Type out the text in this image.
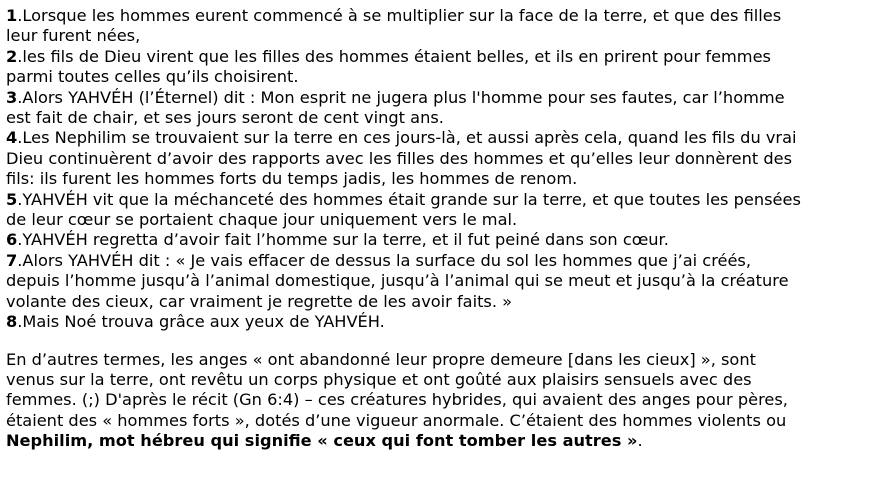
1.Lorsque les hommes eurent commencé à se multiplier sur la face de la terre, et que des filles leur furent nées,

2.les fils de Dieu virent que les filles des hommes étaient belles, et ils en prirent pour femmes parmi toutes celles qu’ils choisirent.

3.Alors YAHVÉH (l’Éternel) dit : Mon esprit ne jugera plus l'homme pour ses fautes, car l’homme est fait de chair, et ses jours seront de cent vingt ans.

4.Les Nephilim se trouvaient sur la terre en ces jours-là, et aussi après cela, quand les fils du vrai Dieu continuèrent d’avoir des rapports avec les filles des hommes et qu’elles leur donnèrent des fils: ils furent les hommes forts du temps jadis, les hommes de renom.

5.YAHVÉH vit que la méchanceté des hommes était grande sur la terre, et que toutes les pensées de leur cœur se portaient chaque jour uniquement vers le mal.

6.YAHVÉH regretta d’avoir fait l’homme sur la terre, et il fut peiné dans son cœur.

7.Alors YAHVÉH dit : « Je vais effacer de dessus la surface du sol les hommes que j’ai créés, depuis l’homme jusqu’à l’animal domestique, jusqu’à l’animal qui se meut et jusqu’à la créature volante des cieux, car vraiment je regrette de les avoir faits. »

8.Mais Noé trouva grâce aux yeux de YAHVÉH.

En d’autres termes, les anges « ont abandonné leur propre demeure [dans les cieux] », sont venus sur la terre, ont revêtu un corps physique et ont goûté aux plaisirs sensuels avec des femmes. (;) D'après le récit (Gn 6:4) – ces créatures hybrides, qui avaient des anges pour pères, étaient des « hommes forts », dotés d’une vigueur anormale. C’étaient des hommes violents ou Nephilim, mot hébreu qui signifie « ceux qui font tomber les autres ».
